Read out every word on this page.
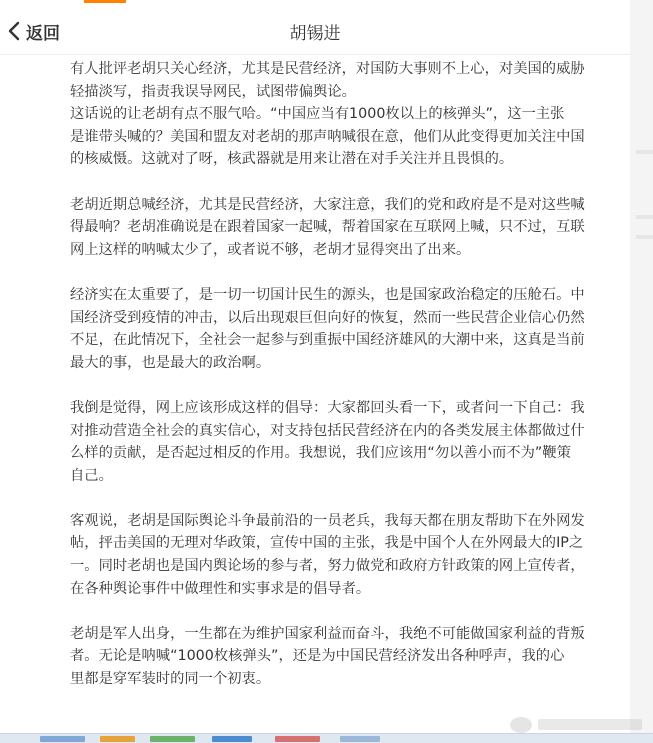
返回	胡锡进

有人批评老胡只关心经济，尤其是民营经济，对国防大事则不上心，对美国的威胁
轻描淡写，指责我误导网民，试图带偏舆论。
这话说的让老胡有点不服气哈。“中国应当有1000枚以上的核弹头”，这一主张
是谁带头喊的？美国和盟友对老胡的那声呐喊很在意，他们从此变得更加关注中国
的核威慑。这就对了呀，核武器就是用来让潜在对手关注并且畏惧的。

老胡近期总喊经济，尤其是民营经济，大家注意，我们的党和政府是不是对这些喊
得最响？老胡准确说是在跟着国家一起喊，帮着国家在互联网上喊，只不过，互联
网上这样的呐喊太少了，或者说不够，老胡才显得突出了出来。

经济实在太重要了，是一切一切国计民生的源头，也是国家政治稳定的压舱石。中
国经济受到疫情的冲击，以后出现艰巨但向好的恢复，然而一些民营企业信心仍然
不足，在此情况下，全社会一起参与到重振中国经济雄风的大潮中来，这真是当前
最大的事，也是最大的政治啊。

我倒是觉得，网上应该形成这样的倡导：大家都回头看一下，或者问一下自己：我
对推动营造全社会的真实信心，对支持包括民营经济在内的各类发展主体都做过什
么样的贡献，是否起过相反的作用。我想说，我们应该用“勿以善小而不为”鞭策
自己。

客观说，老胡是国际舆论斗争最前沿的一员老兵，我每天都在朋友帮助下在外网发
帖，抨击美国的无理对华政策，宣传中国的主张，我是中国个人在外网最大的IP之
一。同时老胡也是国内舆论场的参与者，努力做党和政府方针政策的网上宣传者，
在各种舆论事件中做理性和实事求是的倡导者。

老胡是军人出身，一生都在为维护国家利益而奋斗，我绝不可能做国家利益的背叛
者。无论是呐喊“1000枚核弹头”，还是为中国民营经济发出各种呼声，我的心
里都是穿军装时的同一个初衷。
